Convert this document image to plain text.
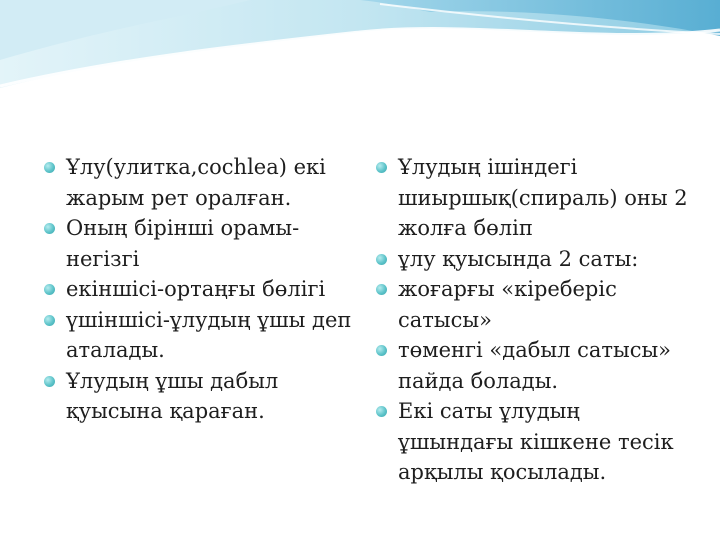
Ұлу(улитка,cochlea) екі жарым рет оралған.
Оның бірінші орамы-негізгі
екіншісі-ортаңғы бөлігі
үшіншісі-ұлудың ұшы деп аталады.
Ұлудың ұшы дабыл қуысына қараған.
Ұлудың ішіндегі шиыршық(спираль) оны 2 жолға бөліп
ұлу қуысында 2 саты:
жоғарғы «кіреберіс сатысы»
төменгі «дабыл сатысы» пайда болады.
Екі саты ұлудың ұшындағы кішкене тесік арқылы қосылады.
